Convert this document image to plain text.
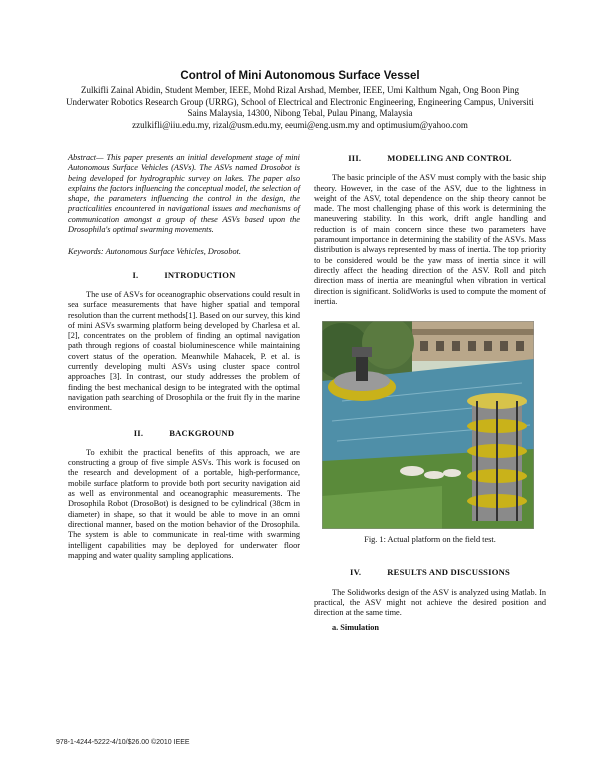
Control of Mini Autonomous Surface Vessel

Zulkifli Zainal Abidin, Student Member, IEEE, Mohd Rizal Arshad, Member, IEEE, Umi Kalthum Ngah, Ong Boon Ping

Underwater Robotics Research Group (URRG), School of Electrical and Electronic Engineering, Engineering Campus, Universiti Sains Malaysia, 14300, Nibong Tebal, Pulau Pinang, Malaysia

zzulkifli@iiu.edu.my, rizal@usm.edu.my, eeumi@eng.usm.my and optimusium@yahoo.com

Abstract— This paper presents an initial development stage of mini Autonomous Surface Vehicles (ASVs). The ASVs named Drosobot is being developed for hydrographic survey on lakes. The paper also explains the factors influencing the conceptual model, the selection of shape, the parameters influencing the control in the design, the practicalities encountered in navigational issues and mechanisms of communication amongst a group of these ASVs based upon the Drosophila's optimal swarming movements.

Keywords: Autonomous Surface Vehicles, Drosobot.

I.	INTRODUCTION

The use of ASVs for oceanographic observations could result in sea surface measurements that have higher spatial and temporal resolution than the current methods[1]. Based on our survey, this kind of mini ASVs swarming platform being developed by Charlesa et al. [2], concentrates on the problem of finding an optimal navigation path through regions of coastal bioluminescence while maintaining covert status of the operation. Meanwhile Mahacek, P. et al. is currently developing multi ASVs using cluster space control approaches [3]. In contrast, our study addresses the problem of finding the best mechanical design to be integrated with the optimal navigation path searching of Drosophila or the fruit fly in the marine environment.

II.	BACKGROUND

To exhibit the practical benefits of this approach, we are constructing a group of five simple ASVs. This work is focused on the research and development of a portable, high-performance, mobile surface platform to provide both port security navigation aid as well as environmental and oceanographic measurements. The Drosophila Robot (DrosoBot) is designed to be cylindrical (38cm in diameter) in shape, so that it would be able to move in an omni directional manner, based on the motion behavior of the Drosophila. The system is able to communicate in real-time with swarming intelligent capabilities may be deployed for underwater floor mapping and water quality sampling applications.

III.	MODELLING AND CONTROL

The basic principle of the ASV must comply with the basic ship theory. However, in the case of the ASV, due to the lightness in weight of the ASV, total dependence on the ship theory cannot be made. The most challenging phase of this work is determining the maneuvering stability. In this work, drift angle handling and reduction is of main concern since these two parameters have paramount importance in determining the stability of the ASVs. Mass distribution is always represented by mass of inertia. The top priority to be considered would be the yaw mass of inertia since it will directly affect the heading direction of the ASV. Roll and pitch direction mass of inertia are meaningful when vibration in vertical direction is significant. SolidWorks is used to compute the moment of inertia.

Fig. 1: Actual platform on the field test.
IV.	RESULTS AND DISCUSSIONS

The Solidworks design of the ASV is analyzed using Matlab. In practical, the ASV might not achieve the desired position and direction at the same time.

a. Simulation
978-1-4244-5222-4/10/$26.00 ©2010 IEEE
